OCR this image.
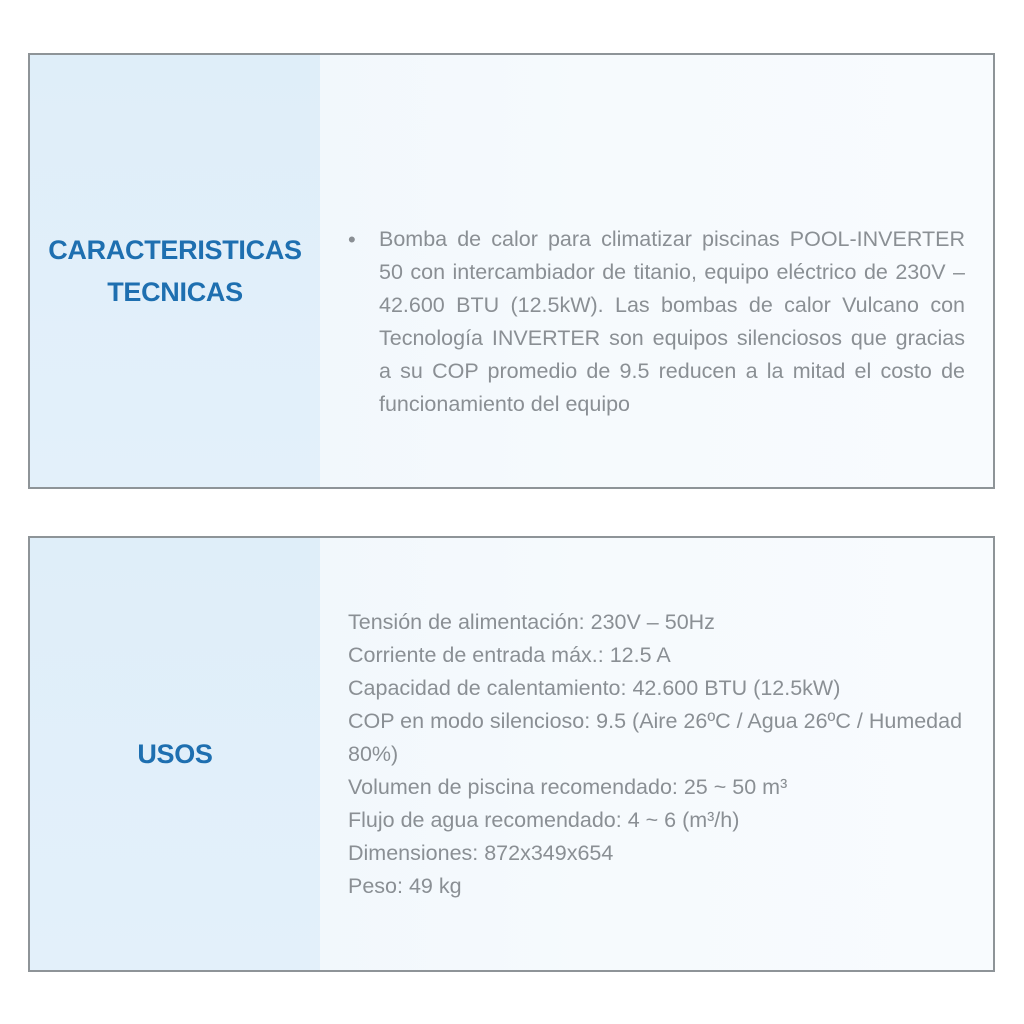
CARACTERISTICAS
TECNICAS
•	Bomba de calor para climatizar piscinas POOL-INVERTER 50 con intercambiador de titanio, equipo eléctrico de 230V – 42.600 BTU (12.5kW). Las bombas de calor Vulcano con Tecnología INVERTER son equipos silenciosos que gracias a su COP promedio de 9.5 reducen a la mitad el costo de funcionamiento del equipo
USOS
Tensión de alimentación: 230V – 50Hz
Corriente de entrada máx.: 12.5 A
Capacidad de calentamiento: 42.600 BTU (12.5kW)
COP en modo silencioso: 9.5 (Aire 26ºC / Agua 26ºC / Humedad 80%)
Volumen de piscina recomendado: 25 ~ 50 m³
Flujo de agua recomendado: 4 ~ 6 (m³/h)
Dimensiones: 872x349x654
Peso: 49 kg
